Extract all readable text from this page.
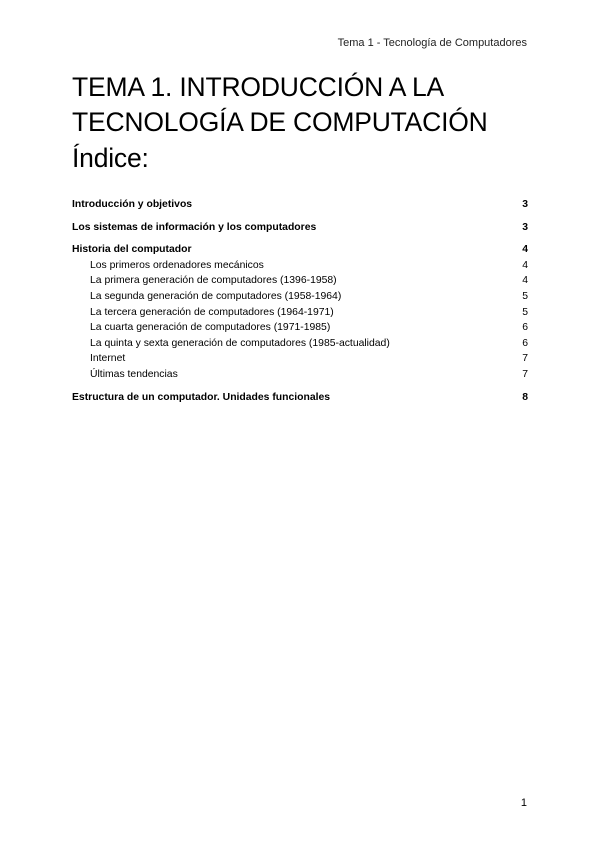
Tema 1 - Tecnología de Computadores
TEMA 1. INTRODUCCIÓN A LA
TECNOLOGÍA DE COMPUTACIÓN
Índice:
Introducción y objetivos	3
Los sistemas de información y los computadores	3
Historia del computador	4
Los primeros ordenadores mecánicos	4
La primera generación de computadores (1396-1958)	4
La segunda generación de computadores (1958-1964)	5
La tercera generación de computadores (1964-1971)	5
La cuarta generación de computadores (1971-1985)	6
La quinta y sexta generación de computadores (1985-actualidad)	6
Internet	7
Últimas tendencias	7
Estructura de un computador. Unidades funcionales	8
1
